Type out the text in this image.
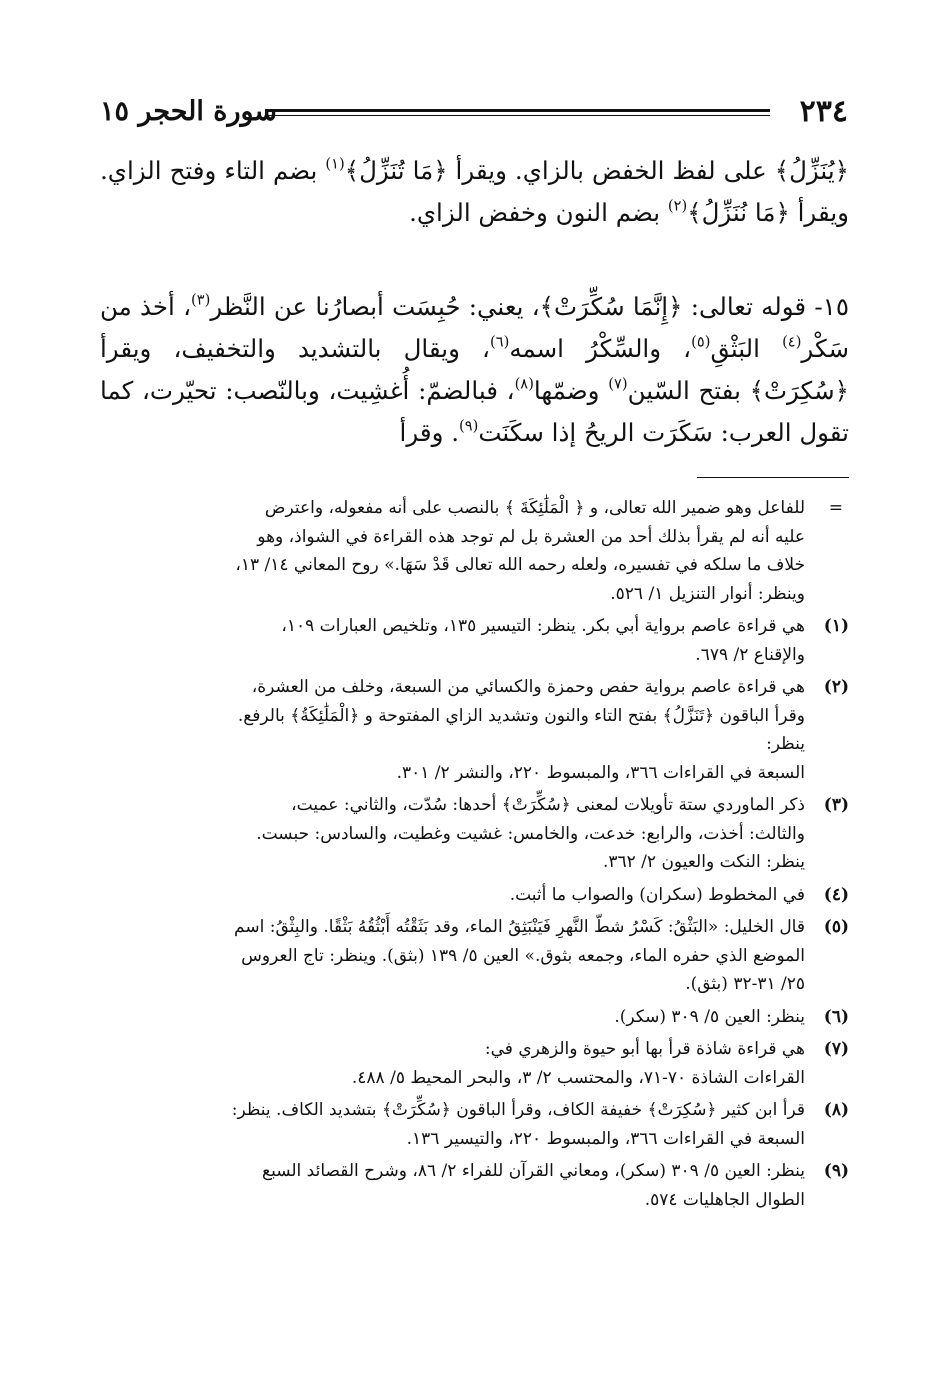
٢٣٤
سورة الحجر ١٥

﴿يُنَزِّلُ﴾ على لفظ الخفض بالزاي. ويقرأ ﴿مَا تُنَزِّلُ﴾$^{(١)}$ بضم التاء وفتح الزاي. ويقرأ ﴿مَا نُنَزِّلُ﴾$^{(٢)}$ بضم النون وخفض الزاي.

١٥- قوله تعالى: ﴿إِنَّمَا سُكِّرَتْ﴾، يعني: حُبِسَت أبصارُنا عن النَّظر$^{(٣)}$، أخذ من سَكْر$^{(٤)}$ البَثْقِ$^{(٥)}$، والسِّكْرُ اسمه$^{(٦)}$، ويقال بالتشديد والتخفيف، ويقرأ ﴿سُكِرَتْ﴾ بفتح السّين$^{(٧)}$ وضمّها$^{(٨)}$، فبالضمّ: أُغشِيت، وبالنّصب: تحيّرت، كما تقول العرب: سَكَرَت الريحُ إذا سكَنَت$^{(٩)}$. وقرأ

=
للفاعل وهو ضمير الله تعالى، و ﴿ الْمَلَٰئِكَةَ ﴾ بالنصب على أنه مفعوله، واعترض
عليه أنه لم يقرأ بذلك أحد من العشرة بل لم توجد هذه القراءة في الشواذ، وهو
خلاف ما سلكه في تفسيره، ولعله رحمه الله تعالى قَدْ سَهَا.» روح المعاني ١٤/ ١٣،
وينظر: أنوار التنزيل ١/ ٥٢٦.
(١)
هي قراءة عاصم برواية أبي بكر. ينظر: التيسير ١٣٥، وتلخيص العبارات ١٠٩،
والإقناع ٢/ ٦٧٩.
(٢)
هي قراءة عاصم برواية حفص وحمزة والكسائي من السبعة، وخلف من العشرة،
وقرأ الباقون ﴿تَنَزَّلُ﴾ بفتح التاء والنون وتشديد الزاي المفتوحة و ﴿الْمَلَٰئِكَةُ﴾ بالرفع.
ينظر:
السبعة في القراءات ٣٦٦، والمبسوط ٢٢٠، والنشر ٢/ ٣٠١.
(٣)
ذكر الماوردي ستة تأويلات لمعنى ﴿سُكِّرَتْ﴾ أحدها: سُدّت، والثاني: عميت،
والثالث: أخذت، والرابع: خدعت، والخامس: غشيت وغطيت، والسادس: حبست.
ينظر: النكت والعيون ٢/ ٣٦٢.
(٤)
في المخطوط (سكران) والصواب ما أثبت.
(٥)
قال الخليل: «البَثْقُ: كَسْرُ شطّ النَّهرِ فَيَنْبَثِقُ الماء، وقد بَثَقْتُه أَبْثُقُهُ بَثْقًا. والبِثْقُ: اسم
الموضع الذي حفره الماء، وجمعه بثوق.» العين ٥/ ١٣٩ (بثق). وينظر: تاج العروس
٢٥/ ٣١-٣٢ (بثق).
(٦)
ينظر: العين ٥/ ٣٠٩ (سكر).
(٧)
هي قراءة شاذة قرأ بها أبو حيوة والزهري في:
القراءات الشاذة ٧٠-٧١، والمحتسب ٢/ ٣، والبحر المحيط ٥/ ٤٨٨.
(٨)
قرأ ابن كثير ﴿سُكِرَتْ﴾ خفيفة الكاف، وقرأ الباقون ﴿سُكِّرَتْ﴾ بتشديد الكاف. ينظر:
السبعة في القراءات ٣٦٦، والمبسوط ٢٢٠، والتيسير ١٣٦.
(٩)
ينظر: العين ٥/ ٣٠٩ (سكر)، ومعاني القرآن للفراء ٢/ ٨٦، وشرح القصائد السبع
الطوال الجاهليات ٥٧٤.
